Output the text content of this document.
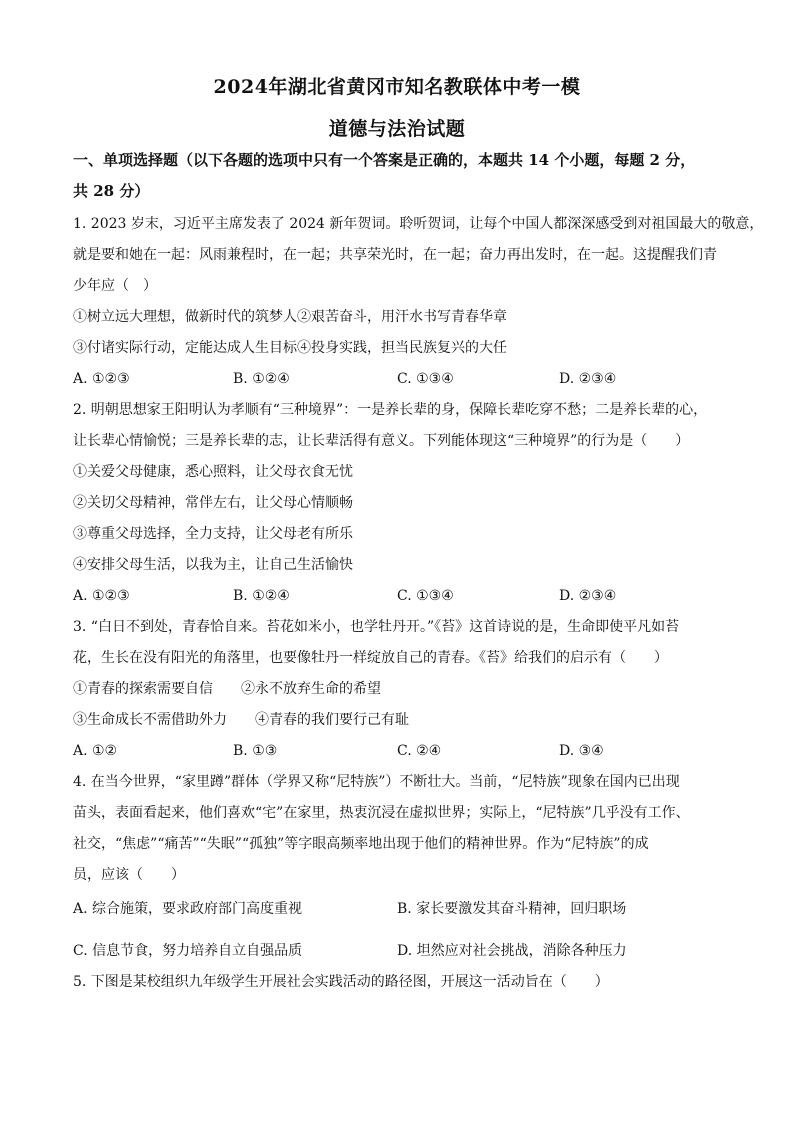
2024年湖北省黄冈市知名教联体中考一模
道德与法治试题
一、单项选择题（以下各题的选项中只有一个答案是正确的，本题共 14 个小题，每题 2 分，
共 28 分）
1. 2023 岁末，习近平主席发表了 2024 新年贺词。聆听贺词，让每个中国人都深深感受到对祖国最大的敬意，
就是要和她在一起：风雨兼程时，在一起；共享荣光时，在一起；奋力再出发时，在一起。这提醒我们青
少年应（　）
①树立远大理想，做新时代的筑梦人②艰苦奋斗，用汗水书写青春华章
③付诸实际行动，定能达成人生目标④投身实践，担当民族复兴的大任
A. ①②③	B. ①②④	C. ①③④	D. ②③④
2. 明朝思想家王阳明认为孝顺有“三种境界”：一是养长辈的身，保障长辈吃穿不愁；二是养长辈的心，
让长辈心情愉悦；三是养长辈的志，让长辈活得有意义。下列能体现这“三种境界”的行为是（　　）
①关爱父母健康，悉心照料，让父母衣食无忧
②关切父母精神，常伴左右，让父母心情顺畅
③尊重父母选择，全力支持，让父母老有所乐
④安排父母生活，以我为主，让自己生活愉快
A. ①②③	B. ①②④	C. ①③④	D. ②③④
3. “白日不到处，青春恰自来。苔花如米小，也学牡丹开。”《苔》这首诗说的是，生命即使平凡如苔
花，生长在没有阳光的角落里，也要像牡丹一样绽放自己的青春。《苔》给我们的启示有（　　）
①青春的探索需要自信　　②永不放弃生命的希望
③生命成长不需借助外力　　④青春的我们要行己有耻
A. ①②	B. ①③	C. ②④	D. ③④
4. 在当今世界，“家里蹲”群体（学界又称“尼特族”）不断壮大。当前，“尼特族”现象在国内已出现
苗头，表面看起来，他们喜欢“宅”在家里，热衷沉浸在虚拟世界；实际上，“尼特族”几乎没有工作、
社交，“焦虑”“痛苦”“失眠”“孤独”等字眼高频率地出现于他们的精神世界。作为“尼特族”的成
员，应该（　　）
A. 综合施策，要求政府部门高度重视	B. 家长要激发其奋斗精神，回归职场
C. 信息节食，努力培养自立自强品质	D. 坦然应对社会挑战，消除各种压力
5. 下图是某校组织九年级学生开展社会实践活动的路径图，开展这一活动旨在（　　）
